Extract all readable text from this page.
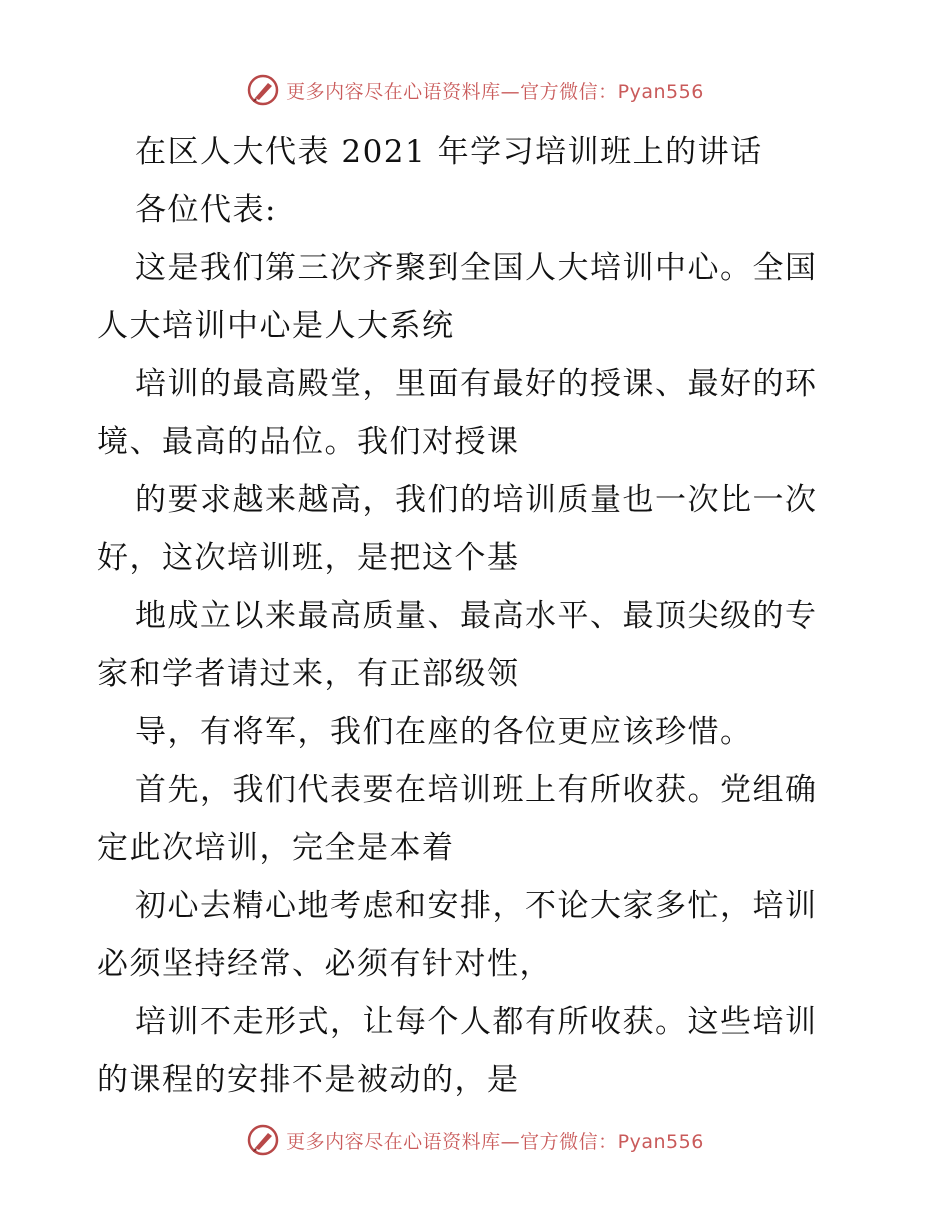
更多内容尽在心语资料库—官方微信：Pyan556
在区人大代表 2021 年学习培训班上的讲话
各位代表:
这是我们第三次齐聚到全国人大培训中心。全国
人大培训中心是人大系统
培训的最高殿堂，里面有最好的授课、最好的环
境、最高的品位。我们对授课
的要求越来越高，我们的培训质量也一次比一次
好，这次培训班，是把这个基
地成立以来最高质量、最高水平、最顶尖级的专
家和学者请过来，有正部级领
导，有将军，我们在座的各位更应该珍惜。
首先，我们代表要在培训班上有所收获。党组确
定此次培训，完全是本着
初心去精心地考虑和安排，不论大家多忙，培训
必须坚持经常、必须有针对性，
培训不走形式，让每个人都有所收获。这些培训
的课程的安排不是被动的，是
更多内容尽在心语资料库—官方微信：Pyan556
